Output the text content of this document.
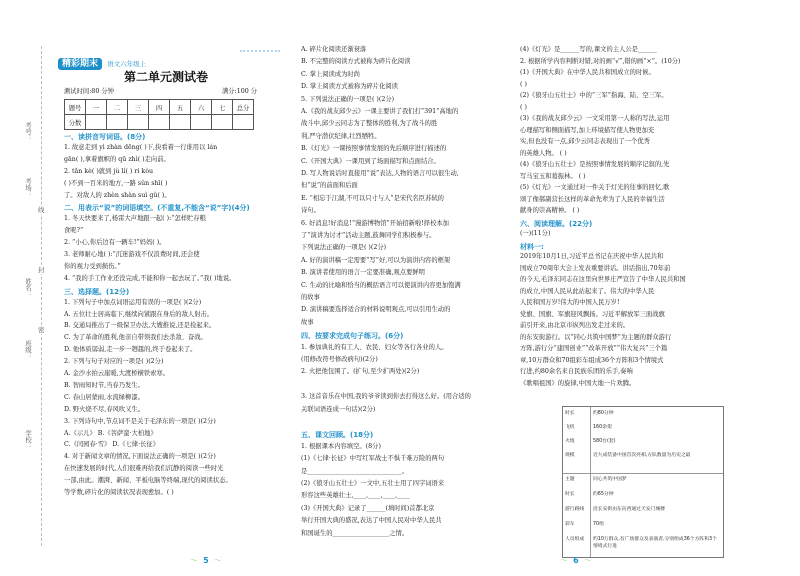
考号：
考场：
姓名：
班级：
学校：
线
封
密
精彩期末 语文六年级上
第二单元测试卷
测试时间:80 分钟	满分:100 分
题号	一	二	三	四	五	六	七	总分
分数								
一、读拼音写词语。(8分)
1. 故意走到 yì zhàn dēng( )下,抉看着一行谁用以 lán
gān( ),拿着旗帜的 qū zhì( )走向前。
2. tǎn kè( )就到 jù lí( ) ri kòu
( )不到一百米的地方,一路 sǔn shī( )
了。对敌人的 zhèn shàn suì gǔ( )。
二、用表示“说”的词语填空。(不重复,不能含“说”字)(4分)
1. 冬天快要来了,杨雷大声地跟一起( ):“怎样贮存粮
食呢?”
2. “小心,你后边有一辆车!”妈妈( )。
3. 老师耐心地( ):“沉迷游戏不仅浪费时间,还会使
你的视力受到损伤。”
4. “我的手工作业还没完成,不能和你一起去玩了。”我( )地说。
三、选择题。(12分)
1. 下列句子中加点词语运用有误的一项是( )(2分)
A. 五位壮士居高临下,继续向紧跟在身后的敌人射击。
B. 交通局推出了一级保卫办法,大嫂推说,还是捡起来。
C. 为了革命的胜利,他亲自带领我们去杀敌、奋战。
D. 他体质孱弱,走一步一趔趄的,终于卷起来了。
2. 下列与句子对应的一项是( )(2分)
A. 金沙水拍云崖暖,大渡桥横铁索寒。
B. 智雨知时节,当春乃发生。
C. 春山居蒙雨,水流绿柳漆。
D. 野火烧不尽,春风吹又生。
3. 下列诗句中,节点词不是关于毛泽东的一项是( )(2分)
A.《示儿》 B.《菩萨蛮·大柏地》
C.《闰园春·雪》 D.《七律·长征》
4. 对于新闻文章的情况,下面说法正确的一项是( )(2分)
在快速发展的时代,人们很难再给我们沉静的阅读一些时光
一部,由此。潮湃、新闻、平板电脑等终端,现代的阅读状态。
等学数,碎片化的阅读状况表现愈加。( )
A. 碎片化阅读还渐衰落
B. 不完整的阅读方式被称为碎片化阅读
C. 掌上阅读成为时尚
D. 掌上阅读方式被称为碎片化阅读
5. 下列说法正确的一项是( )(2分)
A.《我的战友邱少云》一课主要讲了我们打“391”高地的
战斗中,邱少云同志为了整体的胜利,为了战斗的胜
利,严守潜伏纪律,壮烈牺牲。
B.《灯光》一课按照事情发展的先后顺序进行描述的
C.《开国大典》一课用到了场面描写和点面结合。
D. 写人物说话时直接用“说”表达,人物的语言可以很生动,
但“说”的前面和后面
E. “相忘于江湖,不可以只寸与人”是宋代名臣苏轼的
诗句。
6. 好消息!好消息!“漫游博物馆”开始招新啦!择校本加
了“演讲为讨才”活动主题,鼓舞同学们积极参与。
下列说法正确的一项是( )(2分)
A. 好的演讲稿一定需要“写”好,可以为演讲内容的框架
B. 演讲者使用的语言一定要准确,观点要鲜明
C. 生动的比喻和恰当的概括语言可以使演讲内容更加饱满
的故事
D. 演讲稿要选择适合的材料说明观点,可以引用生动的
故事
四、按要求完成句子练习。(6分)
1. 参加典礼的有工人、农民、妇女等各行各业的人。
(用修改符号修改病句)(2分)
2. 火把他包围了。(扩句,至少扩两处)(2分)
3. 这首音乐在中国,我的爷爷读到你去打得这么好。(用合适的
关联词语连成一句话)(2分)
五、课文回顾。(18分)
1. 根据课本内容填空。(8分)
(1)《七律·长征》中写红军战士不惧千难万险的两句
是______________________________。
(2)《狼牙山五壮士》一文中,五壮士用了四字词语来
形容这些英雄壮士,____,____,____,____
(3)《开国大典》记录了______(填时间)首都北京
举行开国大典的盛况,表达了中国人民对中华人民共
和国诞生的__________________之情。
(4)《灯光》是______写的,课文的主人公是______
2. 根据所学内容判断对错,对的画“√”,错的画“×”。(10分)
(1)《开国大典》在中华人民共和国成立的时候。
( )
(2)《狼牙山五壮士》中的“三军”指海、陆、空三军。
( )
(3)《我的战友邱少云》一文采用第一人称的写法,运用
心理描写和侧面描写,加上环境描写使人物更加充
实,但也没有一点,邱少云同志表现出了一个优秀
的英雄人物。 ( )
(4)《狼牙山五壮士》是按照事情发展的顺序记叙的,先
写马宝玉和葛振林。 ( )
(5)《灯光》一文通过对一件关于灯光的往事的回忆,歌
颂了像郝副营长这样的革命先辈为了人民的幸福生活
献身的崇高精神。 ( )
六、阅读理解。(22分)
(一)(11分)
材料一:
2019年10月1日,习近平总书记在庆祝中华人民共和
国成立70周年大会上发表重要讲话。讲话指出,70年前
的今天,毛泽东同志在这里向世界庄严宣告了中华人民共和国
的成立,中国人民从此站起来了。伟大的中华人民
人民和国万岁!伟大的中国人民万岁!
党旗、国旗、军旗迎风飘扬。习近平解放军三面战旗
前引开来,由北京市纵列出发走过来的。
的东安街游行。以“同心共筑中国梦”为主题的群众游行
方阵,游行分“建国创业”“改革开放”“伟大复兴”三个篇
章,10万群众和70组彩车组成36个方阵和3个情境式
行进,约80余名来自民族乐团的乐手,奏响
《歌唱祖国》的旋律,中国大地一片欢腾。
时长	约80分钟
飞机	160余架
火炮	580台(套)
规模	近九成装备中国首次亮相,方队数量为历史之最
主题	同心共筑中国梦
时长	约65分钟
游行路线	沿长安街由东向西通过天安门城楼
彩车	70组
人员组成	约10万群众,有广场群众及表演者,分别组成36个方阵和3个情境式行进
〜 5 〜	〜 6 〜
